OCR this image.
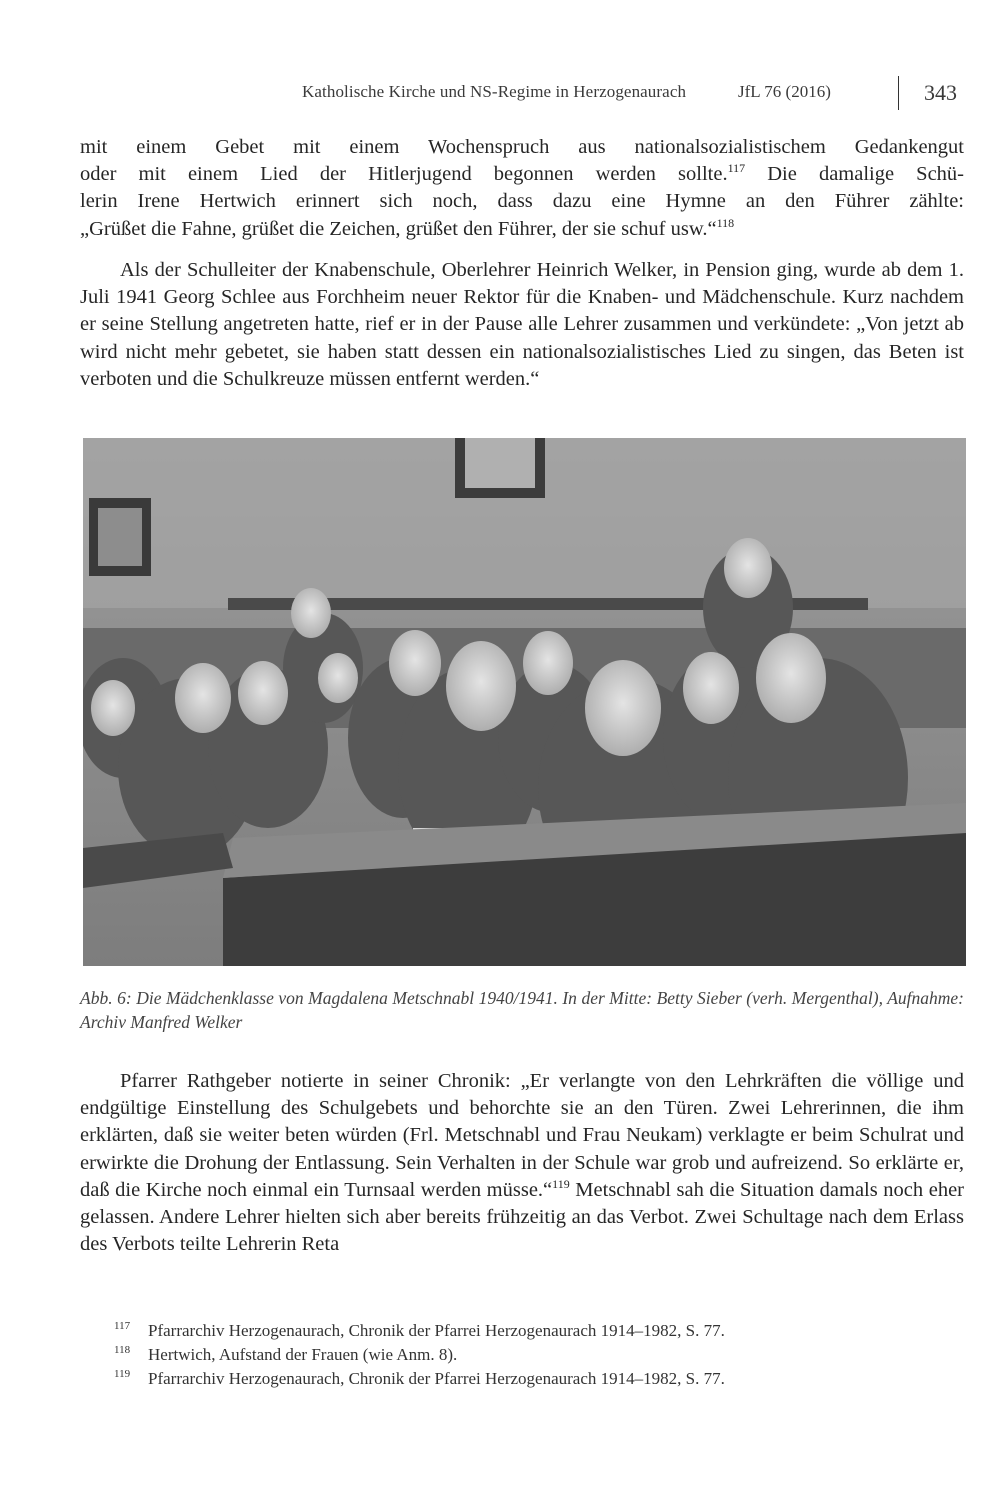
Katholische Kirche und NS-Regime in Herzogenaurach	JfL 76 (2016)	343
mit einem Gebet mit einem Wochenspruch aus nationalsozialistischem Gedankengut
oder mit einem Lied der Hitlerjugend begonnen werden sollte.$^{117}$ Die damalige Schü-
lerin Irene Hertwich erinnert sich noch, dass dazu eine Hymne an den Führer zählte:
„Grüßet die Fahne, grüßet die Zeichen, grüßet den Führer, der sie schuf usw.“$^{118}$

Als der Schulleiter der Knabenschule, Oberlehrer Heinrich Welker, in Pension ging, wurde ab dem 1. Juli 1941 Georg Schlee aus Forchheim neuer Rektor für die Knaben- und Mädchenschule. Kurz nachdem er seine Stellung angetreten hatte, rief er in der Pause alle Lehrer zusammen und verkündete: „Von jetzt ab wird nicht mehr gebetet, sie haben statt dessen ein nationalsozialistisches Lied zu singen, das Beten ist verboten und die Schulkreuze müssen entfernt werden.“

Abb. 6: Die Mädchenklasse von Magdalena Metschnabl 1940/1941. In der Mitte: Betty Sieber (verh. Mergenthal), Aufnahme: Archiv Manfred Welker

Pfarrer Rathgeber notierte in seiner Chronik: „Er verlangte von den Lehrkräften die völlige und endgültige Einstellung des Schulgebets und behorchte sie an den Türen. Zwei Lehrerinnen, die ihm erklärten, daß sie weiter beten würden (Frl. Metschnabl und Frau Neukam) verklagte er beim Schulrat und erwirkte die Drohung der Entlassung. Sein Verhalten in der Schule war grob und aufreizend. So erklärte er, daß die Kirche noch einmal ein Turnsaal werden müsse.“$^{119}$ Metschnabl sah die Situation damals noch eher gelassen. Andere Lehrer hielten sich aber bereits frühzeitig an das Verbot. Zwei Schultage nach dem Erlass des Verbots teilte Lehrerin Reta

117 Pfarrarchiv Herzogenaurach, Chronik der Pfarrei Herzogenaurach 1914–1982, S. 77.
118 Hertwich, Aufstand der Frauen (wie Anm. 8).
119 Pfarrarchiv Herzogenaurach, Chronik der Pfarrei Herzogenaurach 1914–1982, S. 77.
